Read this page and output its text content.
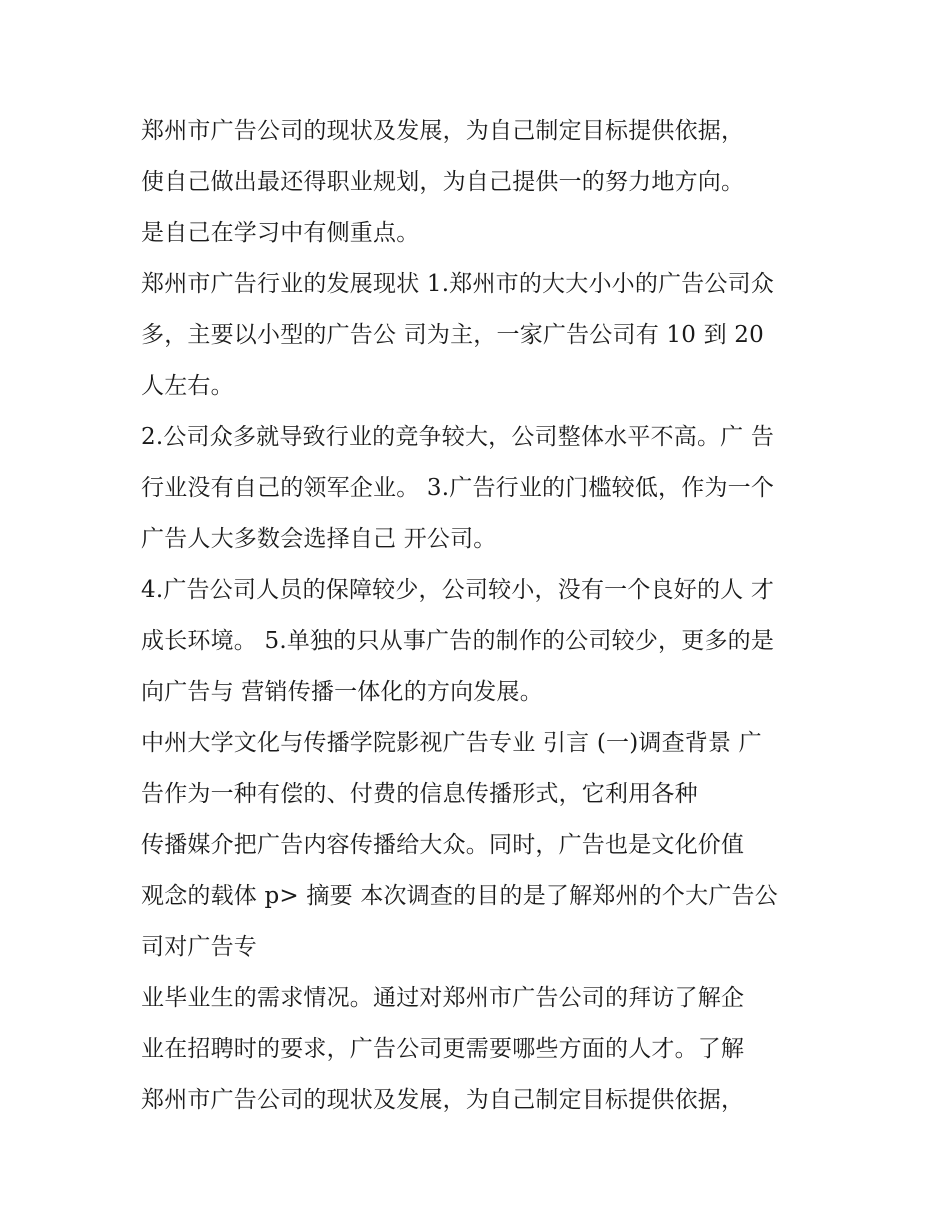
郑州市广告公司的现状及发展，为自己制定目标提供依据，
使自己做出最还得职业规划，为自己提供一的努力地方向。
是自己在学习中有侧重点。
郑州市广告行业的发展现状 1.郑州市的大大小小的广告公司众
多，主要以小型的广告公 司为主，一家广告公司有 10 到 20
人左右。
2.公司众多就导致行业的竞争较大，公司整体水平不高。广 告
行业没有自己的领军企业。 3.广告行业的门槛较低，作为一个
广告人大多数会选择自己 开公司。
4.广告公司人员的保障较少，公司较小，没有一个良好的人 才
成长环境。 5.单独的只从事广告的制作的公司较少，更多的是
向广告与 营销传播一体化的方向发展。
中州大学文化与传播学院影视广告专业 引言 (一)调查背景 广
告作为一种有偿的、付费的信息传播形式，它利用各种
传播媒介把广告内容传播给大众。同时，广告也是文化价值
观念的载体 p> 摘要 本次调查的目的是了解郑州的个大广告公
司对广告专
业毕业生的需求情况。通过对郑州市广告公司的拜访了解企
业在招聘时的要求，广告公司更需要哪些方面的人才。了解
郑州市广告公司的现状及发展，为自己制定目标提供依据，
